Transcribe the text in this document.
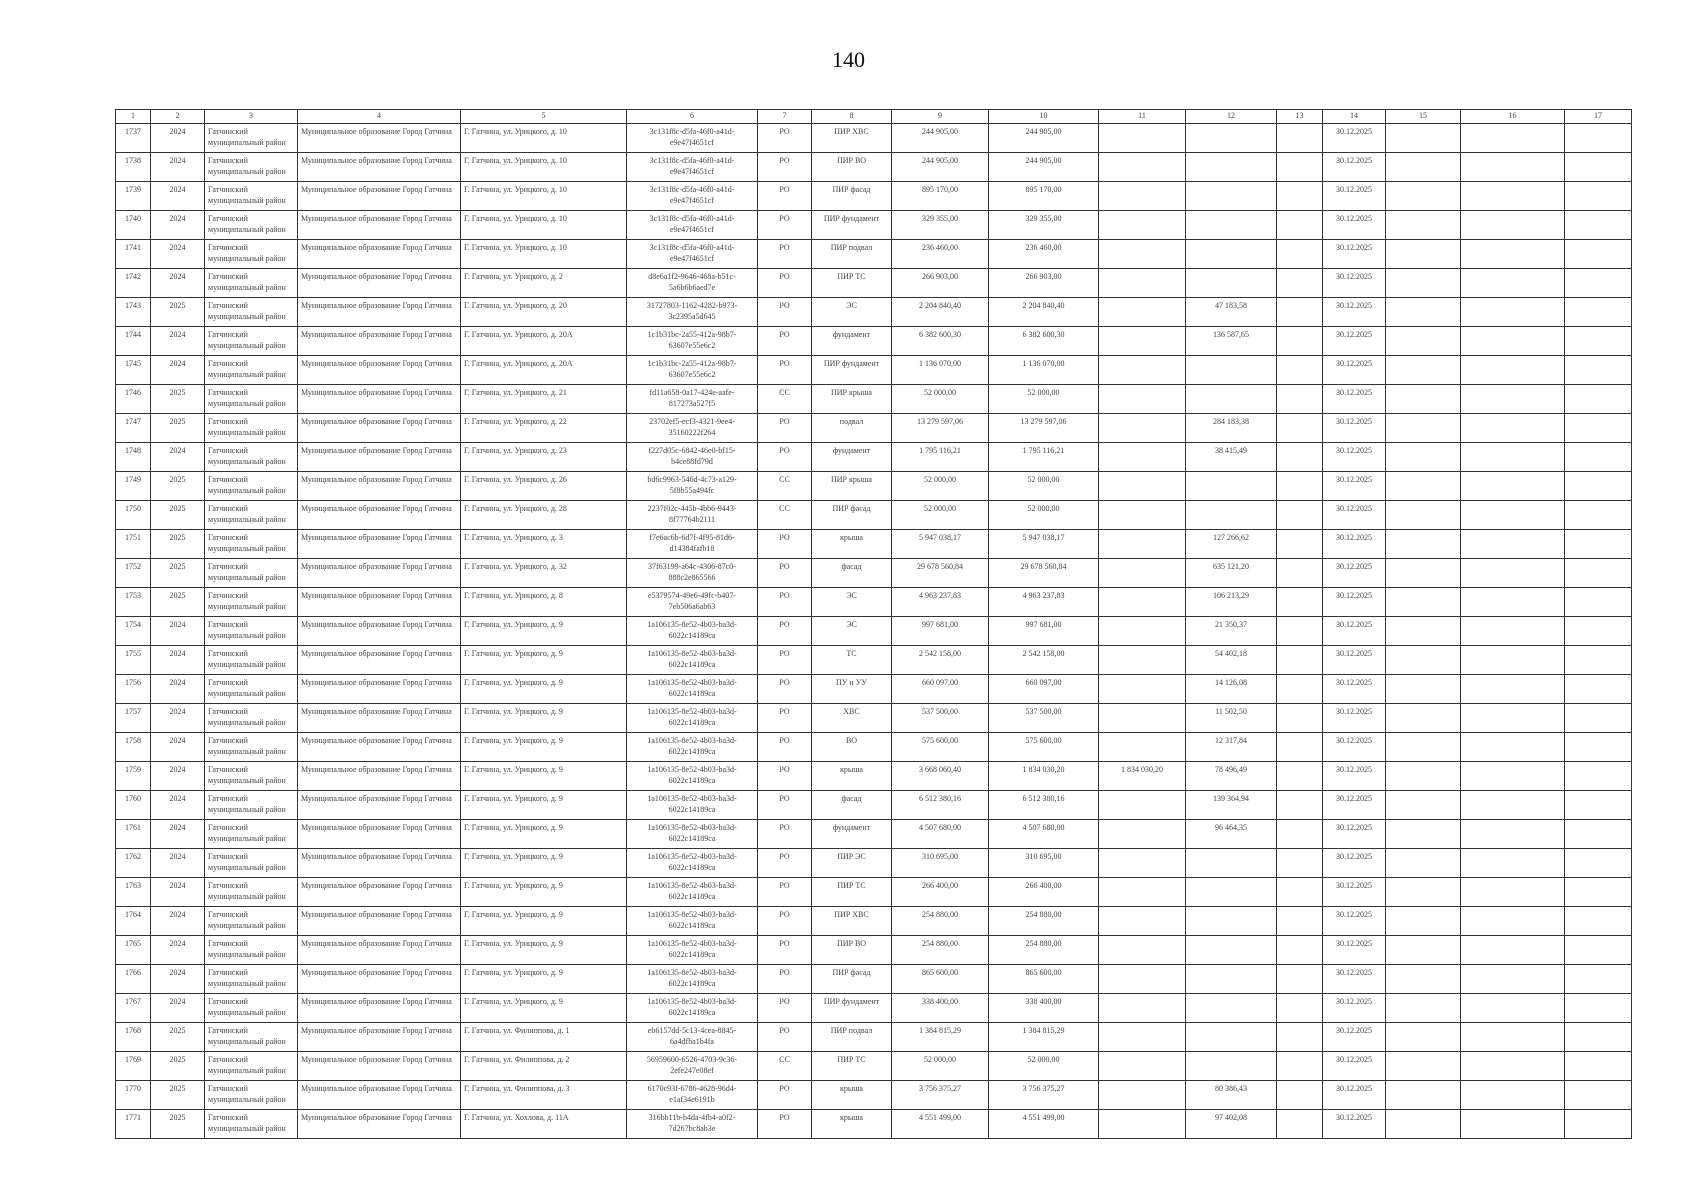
140
1	2	3	4	5	6	7	8	9	10	11	12	13	14	15	16	17
1737	2024	Гатчинский муниципальный район	Муниципальное образование Город Гатчина	Г. Гатчина, ул. Урицкого, д. 10	3c131f8c-d5fa-46f0-a41d-e9e47f4651cf	РО	ПИР ХВС	244 905,00	244 905,00				30.12.2025			
1738	2024	Гатчинский муниципальный район	Муниципальное образование Город Гатчина	Г. Гатчина, ул. Урицкого, д. 10	3c131f8c-d5fa-46f0-a41d-e9e47f4651cf	РО	ПИР ВО	244 905,00	244 905,00				30.12.2025			
1739	2024	Гатчинский муниципальный район	Муниципальное образование Город Гатчина	Г. Гатчина, ул. Урицкого, д. 10	3c131f8c-d5fa-46f0-a41d-e9e47f4651cf	РО	ПИР фасад	895 170,00	895 170,00				30.12.2025			
1740	2024	Гатчинский муниципальный район	Муниципальное образование Город Гатчина	Г. Гатчина, ул. Урицкого, д. 10	3c131f8c-d5fa-46f0-a41d-e9e47f4651cf	РО	ПИР фундамент	329 355,00	329 355,00				30.12.2025			
1741	2024	Гатчинский муниципальный район	Муниципальное образование Город Гатчина	Г. Гатчина, ул. Урицкого, д. 10	3c131f8c-d5fa-46f0-a41d-e9e47f4651cf	РО	ПИР подвал	236 460,00	236 460,00				30.12.2025			
1742	2024	Гатчинский муниципальный район	Муниципальное образование Город Гатчина	Г. Гатчина, ул. Урицкого, д. 2	d8e6a1f2-9646-468a-b51c-5a6b6b6aed7e	РО	ПИР ТС	266 903,00	266 903,00				30.12.2025			
1743	2025	Гатчинский муниципальный район	Муниципальное образование Город Гатчина	Г. Гатчина, ул. Урицкого, д. 20	31727803-1162-4282-b973-3c2395a5d645	РО	ЭС	2 204 840,40	2 204 840,40		47 183,58		30.12.2025			
1744	2024	Гатчинский муниципальный район	Муниципальное образование Город Гатчина	Г. Гатчина, ул. Урицкого, д. 20А	1c1b31bc-2a55-412a-98b7-63607e55e6c2	РО	фундамент	6 382 600,30	6 382 600,30		136 587,65		30.12.2025			
1745	2024	Гатчинский муниципальный район	Муниципальное образование Город Гатчина	Г. Гатчина, ул. Урицкого, д. 20А	1c1b31bc-2a55-412a-98b7-63607e55e6c2	РО	ПИР фундамент	1 136 070,00	1 136 070,00				30.12.2025			
1746	2025	Гатчинский муниципальный район	Муниципальное образование Город Гатчина	Г. Гатчина, ул. Урицкого, д. 21	fd11a658-0a17-424e-aafe-817273a527f5	СС	ПИР крыша	52 000,00	52 000,00				30.12.2025			
1747	2025	Гатчинский муниципальный район	Муниципальное образование Город Гатчина	Г. Гатчина, ул. Урицкого, д. 22	23702ef5-ecf3-4321-9ee4-35160222f264	РО	подвал	13 279 597,06	13 279 597,06		284 183,38		30.12.2025			
1748	2024	Гатчинский муниципальный район	Муниципальное образование Город Гатчина	Г. Гатчина, ул. Урицкого, д. 23	f227d05c-6842-46e0-bf15-b4ce88fd79d	РО	фундамент	1 795 116,21	1 795 116,21		38 415,49		30.12.2025			
1749	2025	Гатчинский муниципальный район	Муниципальное образование Город Гатчина	Г. Гатчина, ул. Урицкого, д. 26	bd6c9963-546d-4c73-a129-5f8b55a494fc	СС	ПИР крыша	52 000,00	52 000,00				30.12.2025			
1750	2025	Гатчинский муниципальный район	Муниципальное образование Город Гатчина	Г. Гатчина, ул. Урицкого, д. 28	2237f02c-445b-4bb6-9443-8f77764b2111	СС	ПИР фасад	52 000,00	52 000,00				30.12.2025			
1751	2025	Гатчинский муниципальный район	Муниципальное образование Город Гатчина	Г. Гатчина, ул. Урицкого, д. 3	f7e6ac6b-6d7f-4f95-81d6-d14384fafb18	РО	крыша	5 947 038,17	5 947 038,17		127 266,62		30.12.2025			
1752	2025	Гатчинский муниципальный район	Муниципальное образование Город Гатчина	Г. Гатчина, ул. Урицкого, д. 32	37f63199-a64c-4306-87c0-888c2e865566	РО	фасад	29 678 560,84	29 678 560,84		635 121,20		30.12.2025			
1753	2025	Гатчинский муниципальный район	Муниципальное образование Город Гатчина	Г. Гатчина, ул. Урицкого, д. 8	e5379574-49e6-49fc-b407-7eb506a6ab63	РО	ЭС	4 963 237,83	4 963 237,83		106 213,29		30.12.2025			
1754	2024	Гатчинский муниципальный район	Муниципальное образование Город Гатчина	Г. Гатчина, ул. Урицкого, д. 9	1a106135-8e52-4b03-ba3d-6022c14189ca	РО	ЭС	997 681,00	997 681,00		21 350,37		30.12.2025			
1755	2024	Гатчинский муниципальный район	Муниципальное образование Город Гатчина	Г. Гатчина, ул. Урицкого, д. 9	1a106135-8e52-4b03-ba3d-6022c14189ca	РО	ТС	2 542 158,00	2 542 158,00		54 402,18		30.12.2025			
1756	2024	Гатчинский муниципальный район	Муниципальное образование Город Гатчина	Г. Гатчина, ул. Урицкого, д. 9	1a106135-8e52-4b03-ba3d-6022c14189ca	РО	ПУ и УУ	660 097,00	660 097,00		14 126,08		30.12.2025			
1757	2024	Гатчинский муниципальный район	Муниципальное образование Город Гатчина	Г. Гатчина, ул. Урицкого, д. 9	1a106135-8e52-4b03-ba3d-6022c14189ca	РО	ХВС	537 500,00	537 500,00		11 502,50		30.12.2025			
1758	2024	Гатчинский муниципальный район	Муниципальное образование Город Гатчина	Г. Гатчина, ул. Урицкого, д. 9	1a106135-8e52-4b03-ba3d-6022c14189ca	РО	ВО	575 600,00	575 600,00		12 317,84		30.12.2025			
1759	2024	Гатчинский муниципальный район	Муниципальное образование Город Гатчина	Г. Гатчина, ул. Урицкого, д. 9	1a106135-8e52-4b03-ba3d-6022c14189ca	РО	крыша	3 668 060,40	1 834 030,20	1 834 030,20	78 496,49		30.12.2025			
1760	2024	Гатчинский муниципальный район	Муниципальное образование Город Гатчина	Г. Гатчина, ул. Урицкого, д. 9	1a106135-8e52-4b03-ba3d-6022c14189ca	РО	фасад	6 512 380,16	6 512 380,16		139 364,94		30.12.2025			
1761	2024	Гатчинский муниципальный район	Муниципальное образование Город Гатчина	Г. Гатчина, ул. Урицкого, д. 9	1a106135-8e52-4b03-ba3d-6022c14189ca	РО	фундамент	4 507 680,00	4 507 680,00		96 464,35		30.12.2025			
1762	2024	Гатчинский муниципальный район	Муниципальное образование Город Гатчина	Г. Гатчина, ул. Урицкого, д. 9	1a106135-8e52-4b03-ba3d-6022c14189ca	РО	ПИР ЭС	310 695,00	310 695,00				30.12.2025			
1763	2024	Гатчинский муниципальный район	Муниципальное образование Город Гатчина	Г. Гатчина, ул. Урицкого, д. 9	1a106135-8e52-4b03-ba3d-6022c14189ca	РО	ПИР ТС	266 400,00	266 400,00				30.12.2025			
1764	2024	Гатчинский муниципальный район	Муниципальное образование Город Гатчина	Г. Гатчина, ул. Урицкого, д. 9	1a106135-8e52-4b03-ba3d-6022c14189ca	РО	ПИР ХВС	254 880,00	254 880,00				30.12.2025			
1765	2024	Гатчинский муниципальный район	Муниципальное образование Город Гатчина	Г. Гатчина, ул. Урицкого, д. 9	1a106135-8e52-4b03-ba3d-6022c14189ca	РО	ПИР ВО	254 880,00	254 880,00				30.12.2025			
1766	2024	Гатчинский муниципальный район	Муниципальное образование Город Гатчина	Г. Гатчина, ул. Урицкого, д. 9	1a106135-8e52-4b03-ba3d-6022c14189ca	РО	ПИР фасад	865 600,00	865 600,00				30.12.2025			
1767	2024	Гатчинский муниципальный район	Муниципальное образование Город Гатчина	Г. Гатчина, ул. Урицкого, д. 9	1a106135-8e52-4b03-ba3d-6022c14189ca	РО	ПИР фундамент	338 400,00	338 400,00				30.12.2025			
1768	2025	Гатчинский муниципальный район	Муниципальное образование Город Гатчина	Г. Гатчина, ул. Филиппова, д. 1	eb6157dd-5c13-4cea-8845-6a4dfba1b4fa	РО	ПИР подвал	1 384 815,29	1 384 815,29				30.12.2025			
1769	2025	Гатчинский муниципальный район	Муниципальное образование Город Гатчина	Г. Гатчина, ул. Филиппова, д. 2	56959600-6526-4703-9c36-2efe247e08ef	СС	ПИР ТС	52 000,00	52 000,00				30.12.2025			
1770	2025	Гатчинский муниципальный район	Муниципальное образование Город Гатчина	Г. Гатчина, ул. Филиппова, д. 3	6170c93f-6786-4628-96d4-e1af34e6191b	РО	крыша	3 756 375,27	3 756 375,27		80 386,43		30.12.2025			
1771	2025	Гатчинский муниципальный район	Муниципальное образование Город Гатчина	Г. Гатчина, ул. Хохлова, д. 11А	316bb11b-b4da-4fb4-a0f2-7d267bc8ab3e	РО	крыша	4 551 499,00	4 551 499,00		97 402,08		30.12.2025			
